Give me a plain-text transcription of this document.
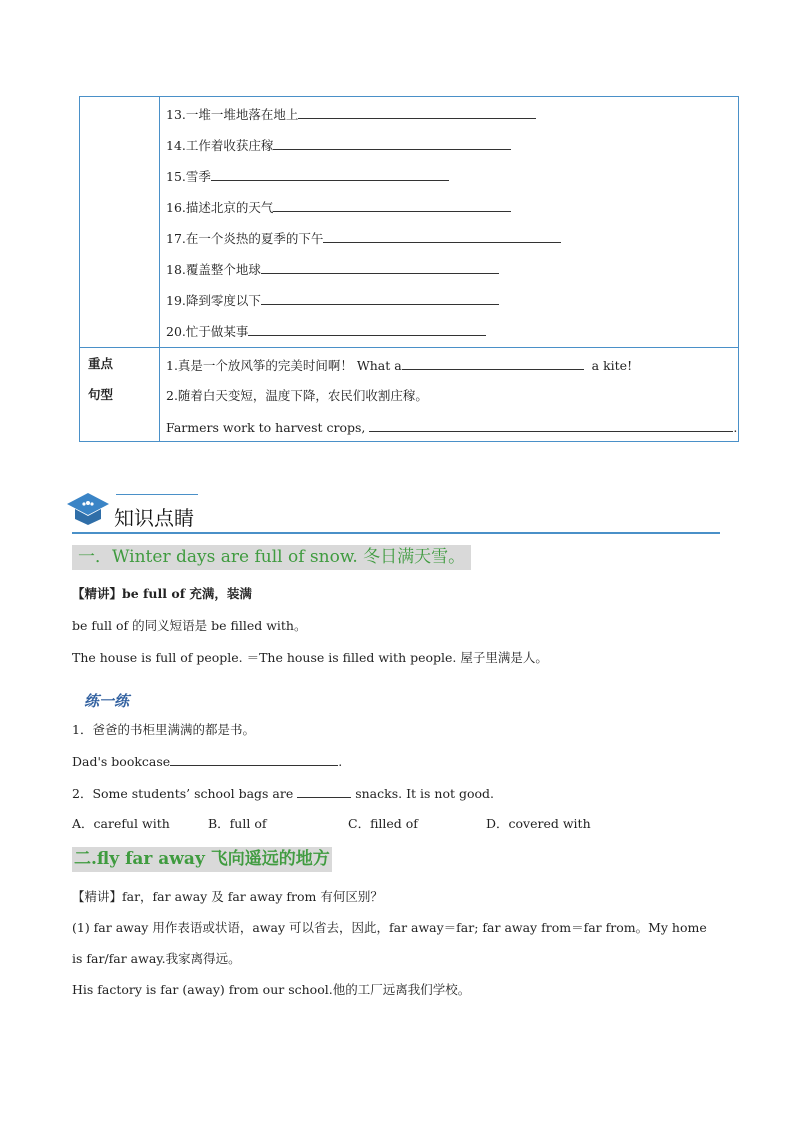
13.一堆一堆地落在地上
14.工作着收获庄稼
15.雪季
16.描述北京的天气
17.在一个炎热的夏季的下午
18.覆盖整个地球
19.降到零度以下
20.忙于做某事
重点
句型
1.真是一个放风筝的完美时间啊！ What a	a kite!
2.随着白天变短，温度下降，农民们收割庄稼。
Farmers work to harvest crops,	.
知识点睛
一．Winter days are full of snow. 冬日满天雪。
【精讲】be full of 充满，装满
be full of 的同义短语是 be filled with。
The house is full of people. ＝The house is filled with people. 屋子里满是人。
练一练
1．爸爸的书柜里满满的都是书。
Dad's bookcase	.
2．Some students’ school bags are	snacks. It is not good.
A．careful with	B．full of	C．filled of	D．covered with
二.fly far away 飞向遥远的地方
【精讲】far，far away 及 far away from 有何区别？
(1) far away 用作表语或状语，away 可以省去，因此，far away＝far; far away from＝far from。My home
is far/far away.我家离得远。
His factory is far (away) from our school.他的工厂远离我们学校。
